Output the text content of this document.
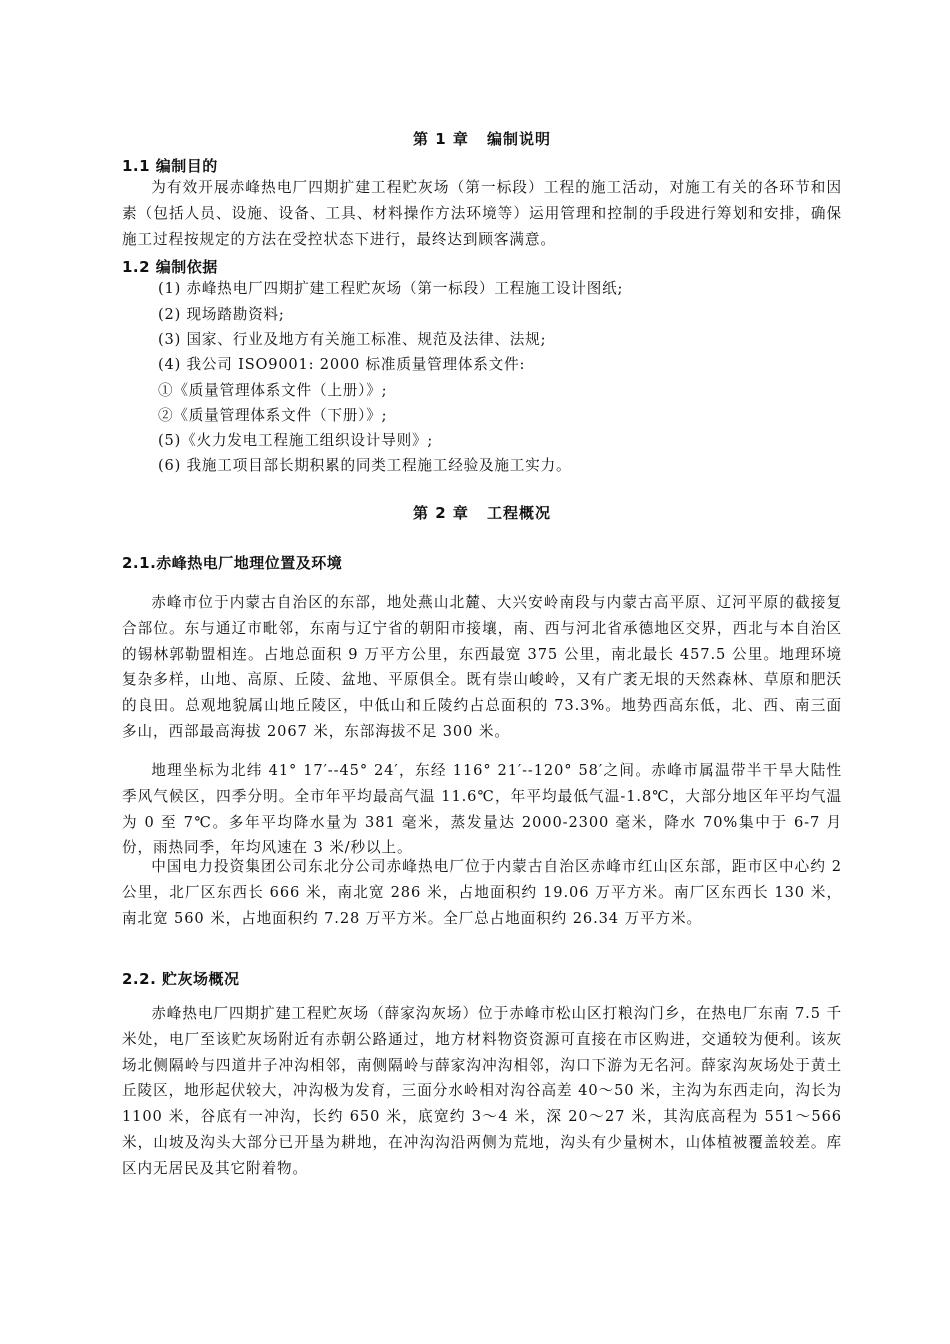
第 1 章 编制说明
1.1 编制目的

为有效开展赤峰热电厂四期扩建工程贮灰场（第一标段）工程的施工活动，对施工有关的各环节和因素（包括人员、设施、设备、工具、材料操作方法环境等）运用管理和控制的手段进行筹划和安排，确保施工过程按规定的方法在受控状态下进行，最终达到顾客满意。

1.2 编制依据
(1) 赤峰热电厂四期扩建工程贮灰场（第一标段）工程施工设计图纸;
(2) 现场踏勘资料;
(3) 国家、行业及地方有关施工标准、规范及法律、法规;
(4) 我公司 ISO9001: 2000 标准质量管理体系文件:
①《质量管理体系文件（上册）》;
②《质量管理体系文件（下册）》;
(5)《火力发电工程施工组织设计导则》;
(6) 我施工项目部长期积累的同类工程施工经验及施工实力。
第 2 章 工程概况
2.1.赤峰热电厂地理位置及环境

赤峰市位于内蒙古自治区的东部，地处燕山北麓、大兴安岭南段与内蒙古高平原、辽河平原的截接复合部位。东与通辽市毗邻，东南与辽宁省的朝阳市接壤，南、西与河北省承德地区交界，西北与本自治区的锡林郭勒盟相连。占地总面积 9 万平方公里，东西最宽 375 公里，南北最长 457.5 公里。地理环境复杂多样，山地、高原、丘陵、盆地、平原俱全。既有崇山峻岭，又有广袤无垠的天然森林、草原和肥沃的良田。总观地貌属山地丘陵区，中低山和丘陵约占总面积的 73.3%。地势西高东低，北、西、南三面多山，西部最高海拔 2067 米，东部海拔不足 300 米。

地理坐标为北纬 41° 17′--45° 24′，东经 116° 21′--120° 58′之间。赤峰市属温带半干旱大陆性季风气候区，四季分明。全市年平均最高气温 11.6℃，年平均最低气温-1.8℃，大部分地区年平均气温为 0 至 7℃。多年平均降水量为 381 毫米，蒸发量达 2000-2300 毫米，降水 70%集中于 6-7 月份，雨热同季，年均风速在 3 米/秒以上。

中国电力投资集团公司东北分公司赤峰热电厂位于内蒙古自治区赤峰市红山区东部，距市区中心约 2 公里，北厂区东西长 666 米，南北宽 286 米，占地面积约 19.06 万平方米。南厂区东西长 130 米，南北宽 560 米，占地面积约 7.28 万平方米。全厂总占地面积约 26.34 万平方米。

2.2. 贮灰场概况

赤峰热电厂四期扩建工程贮灰场（薛家沟灰场）位于赤峰市松山区打粮沟门乡，在热电厂东南 7.5 千米处，电厂至该贮灰场附近有赤朝公路通过，地方材料物资资源可直接在市区购进，交通较为便利。该灰场北侧隔岭与四道井子冲沟相邻，南侧隔岭与薛家沟冲沟相邻，沟口下游为无名河。薛家沟灰场处于黄土丘陵区，地形起伏较大，冲沟极为发育，三面分水岭相对沟谷高差 40～50 米，主沟为东西走向，沟长为 1100 米，谷底有一冲沟，长约 650 米，底宽约 3～4 米，深 20～27 米，其沟底高程为 551～566 米，山坡及沟头大部分已开垦为耕地，在冲沟沟沿两侧为荒地，沟头有少量树木，山体植被覆盖较差。库区内无居民及其它附着物。
